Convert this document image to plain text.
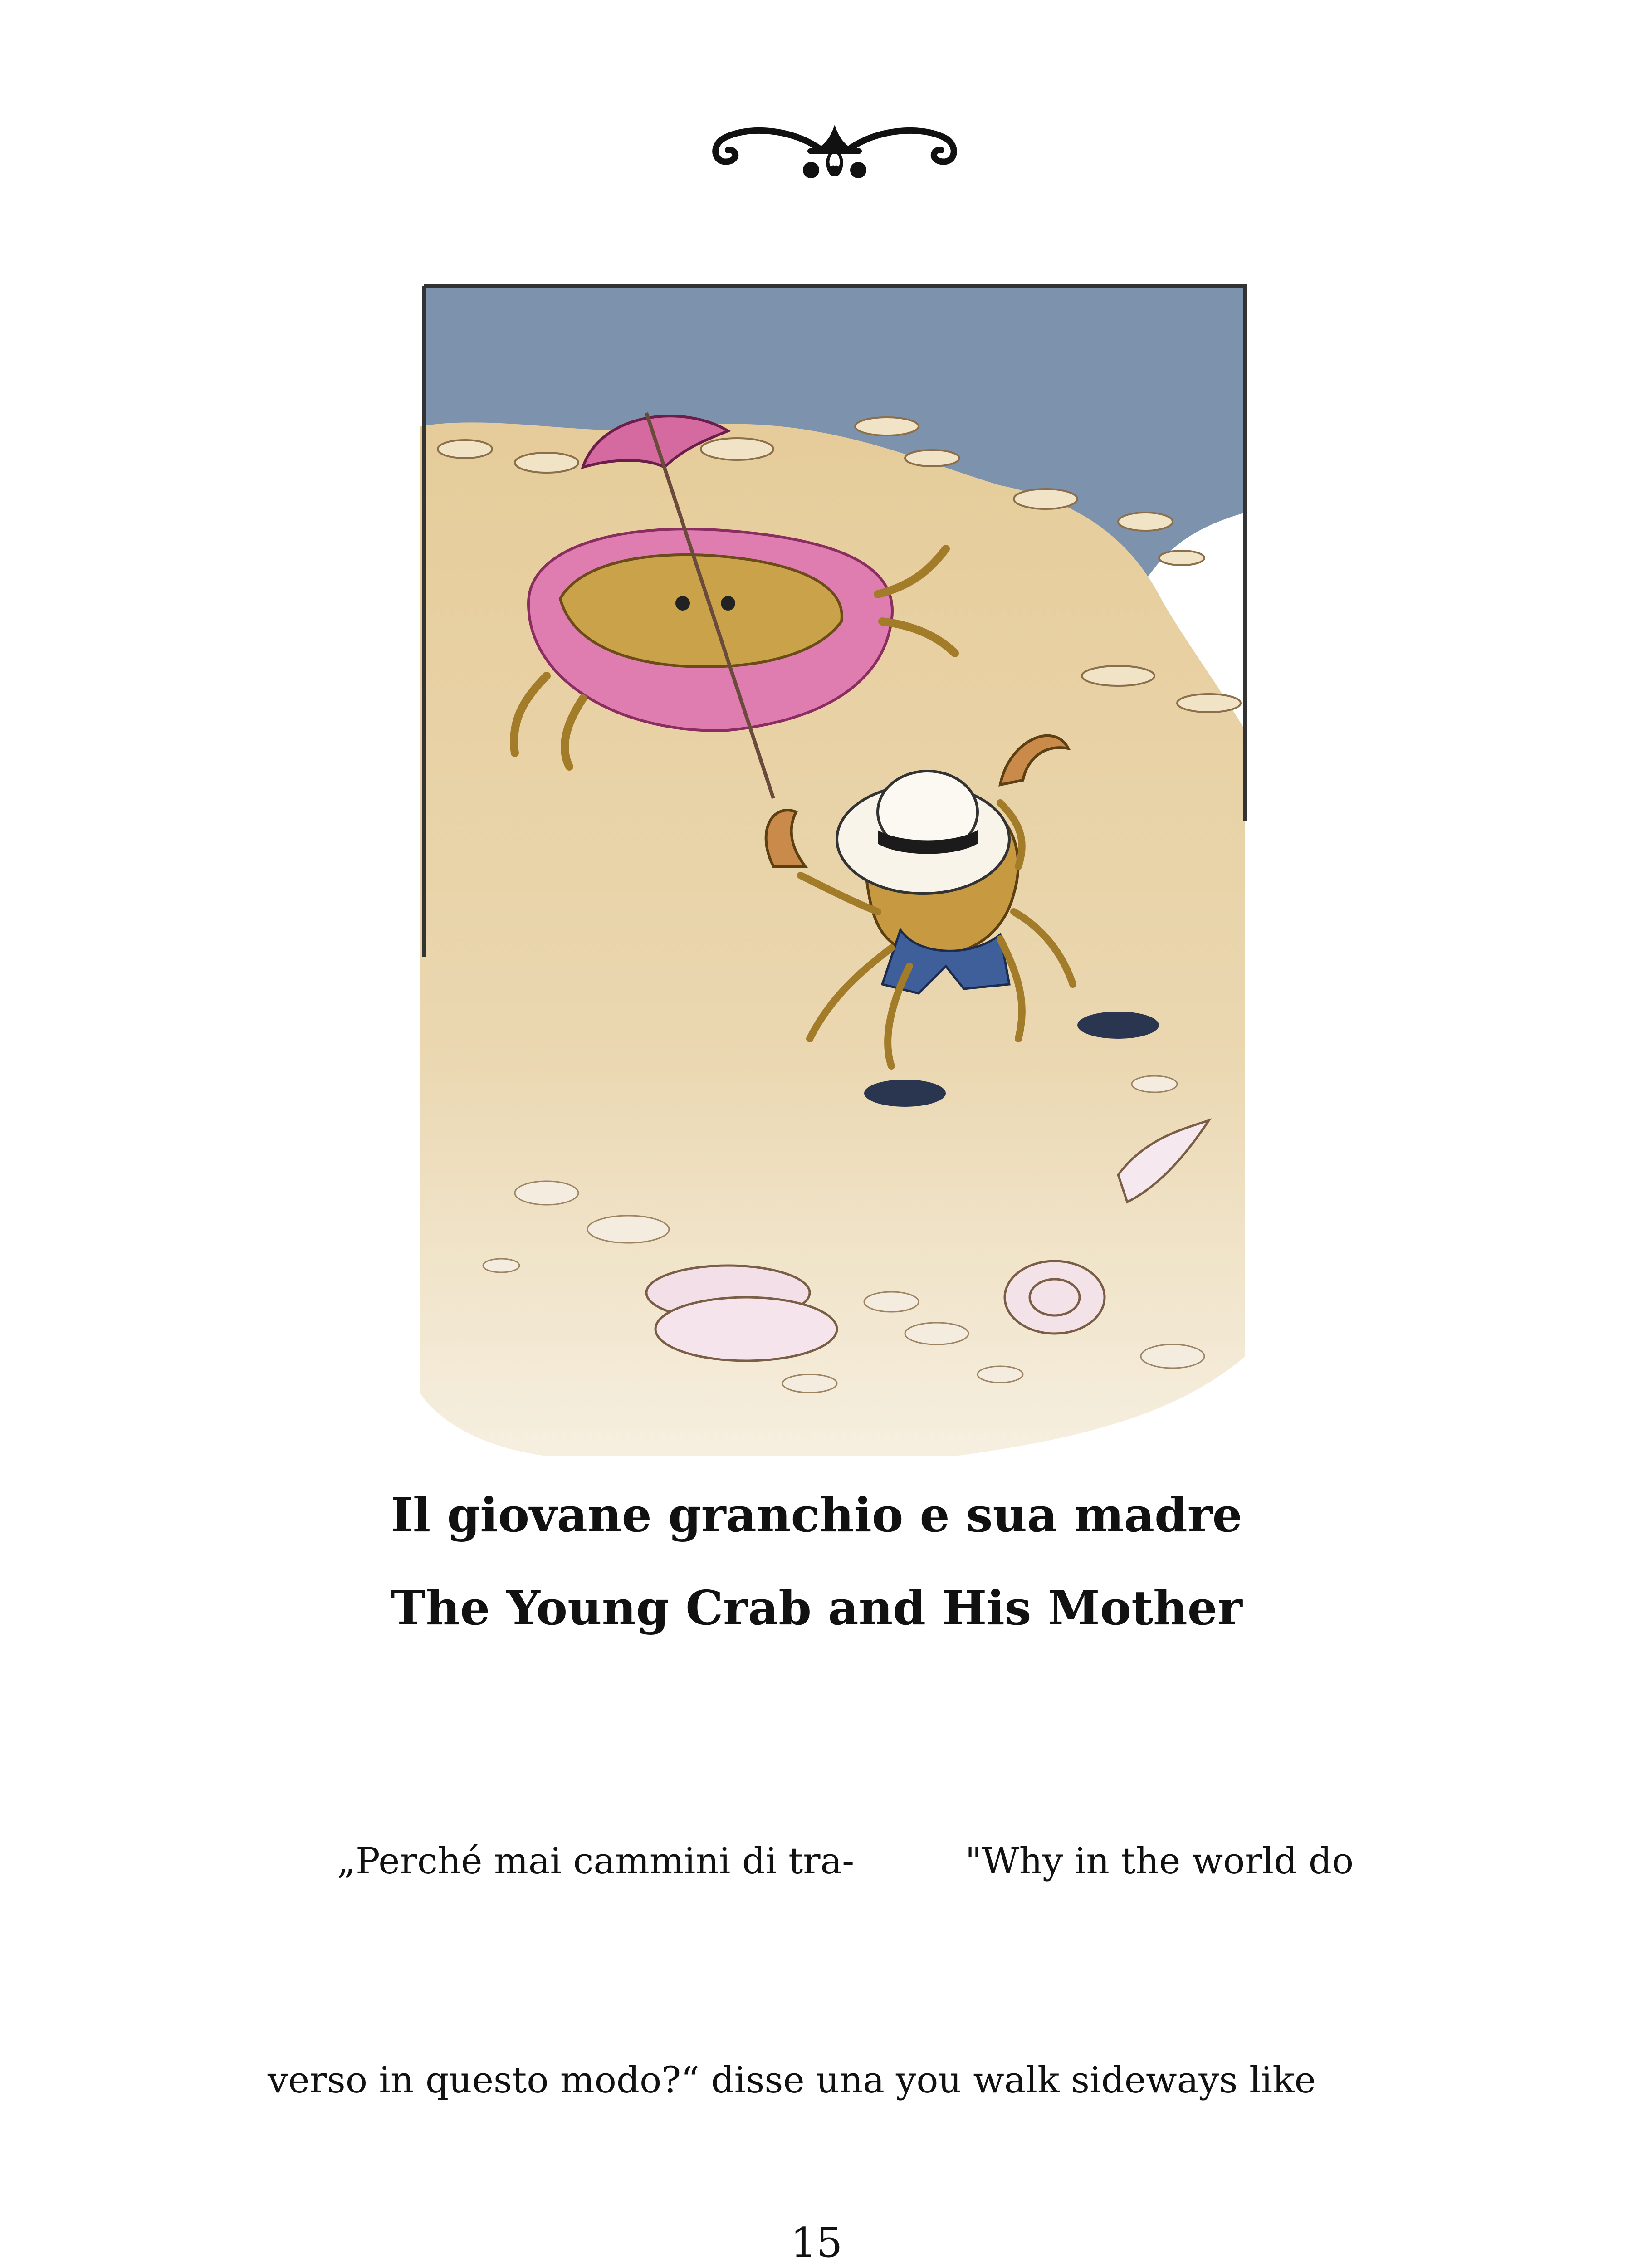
Il giovane granchio e sua madre
The Young Crab and His Mother

„Perché mai cammini di tra-

verso in questo modo?“ disse una

"Why in the world do

you walk sideways like

15
